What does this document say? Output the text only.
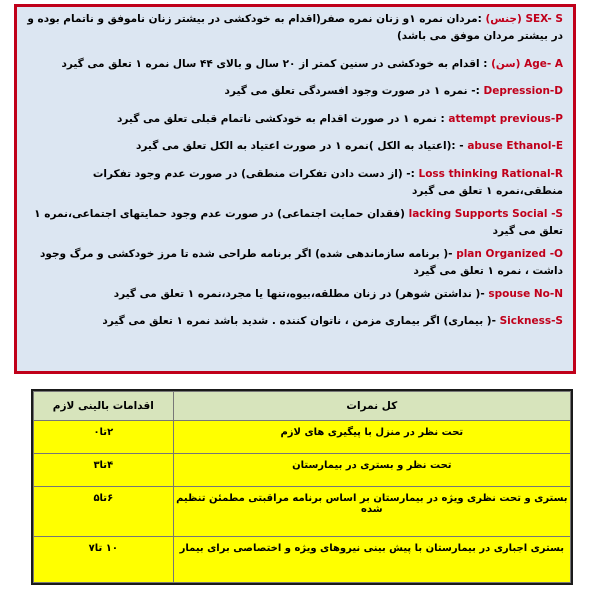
SEX- S (جنس) :مردان نمره ۱و زنان نمره صفر(اقدام به خودکشی در بیشتر زنان ناموفق و ناتمام بوده و در بیشتر مردان موفق می باشد)
Age- A (سن) : اقدام به خودکشی در سنین کمتر از ۲۰ سال و بالای ۴۴ سال نمره ۱ تعلق می گیرد
Depression-D :- نمره ۱ در صورت وجود افسردگی تعلق می گیرد
attempt previous-P : نمره ۱ در صورت اقدام به خودکشی ناتمام قبلی تعلق می گیرد
abuse Ethanol-E - :(اعتیاد به الکل )نمره ۱ در صورت اعتیاد به الکل تعلق می گیرد
Loss thinking Rational-R :- (از دست دادن تفکرات منطقی) در صورت عدم وجود تفکرات منطقی،نمره ۱ تعلق می گیرد
lacking Supports Social -S (فقدان حمایت اجتماعی) در صورت عدم وجود حمایتهای اجتماعی،نمره ۱ تعلق می گیرد
plan Organized -O -( برنامه سازماندهی شده) اگر برنامه طراحی شده تا مرز خودکشی و مرگ وجود داشت ، نمره ۱ تعلق می گیرد
spouse No-N -( نداشتن شوهر) در زنان مطلقه،بیوه،تنها یا مجرد،نمره ۱ تعلق می گیرد
Sickness-S -( بیماری) اگر بیماری مزمن ، ناتوان کننده . شدید باشد نمره ۱ تعلق می گیرد
کل نمرات	اقدامات بالینی لازم
تحت نظر در منزل با پیگیری های لازم	۲تا۰
تحت نظر و بستری در بیمارستان	۴تا۳
بستری و تحت نظری ویژه در بیمارستان بر اساس برنامه مراقبتی مطمئن تنظیم شده	۶تا۵
بستری اجباری در بیمارستان با پیش بینی نیروهای ویژه و اختصاصی برای بیمار	۱۰ تا۷
